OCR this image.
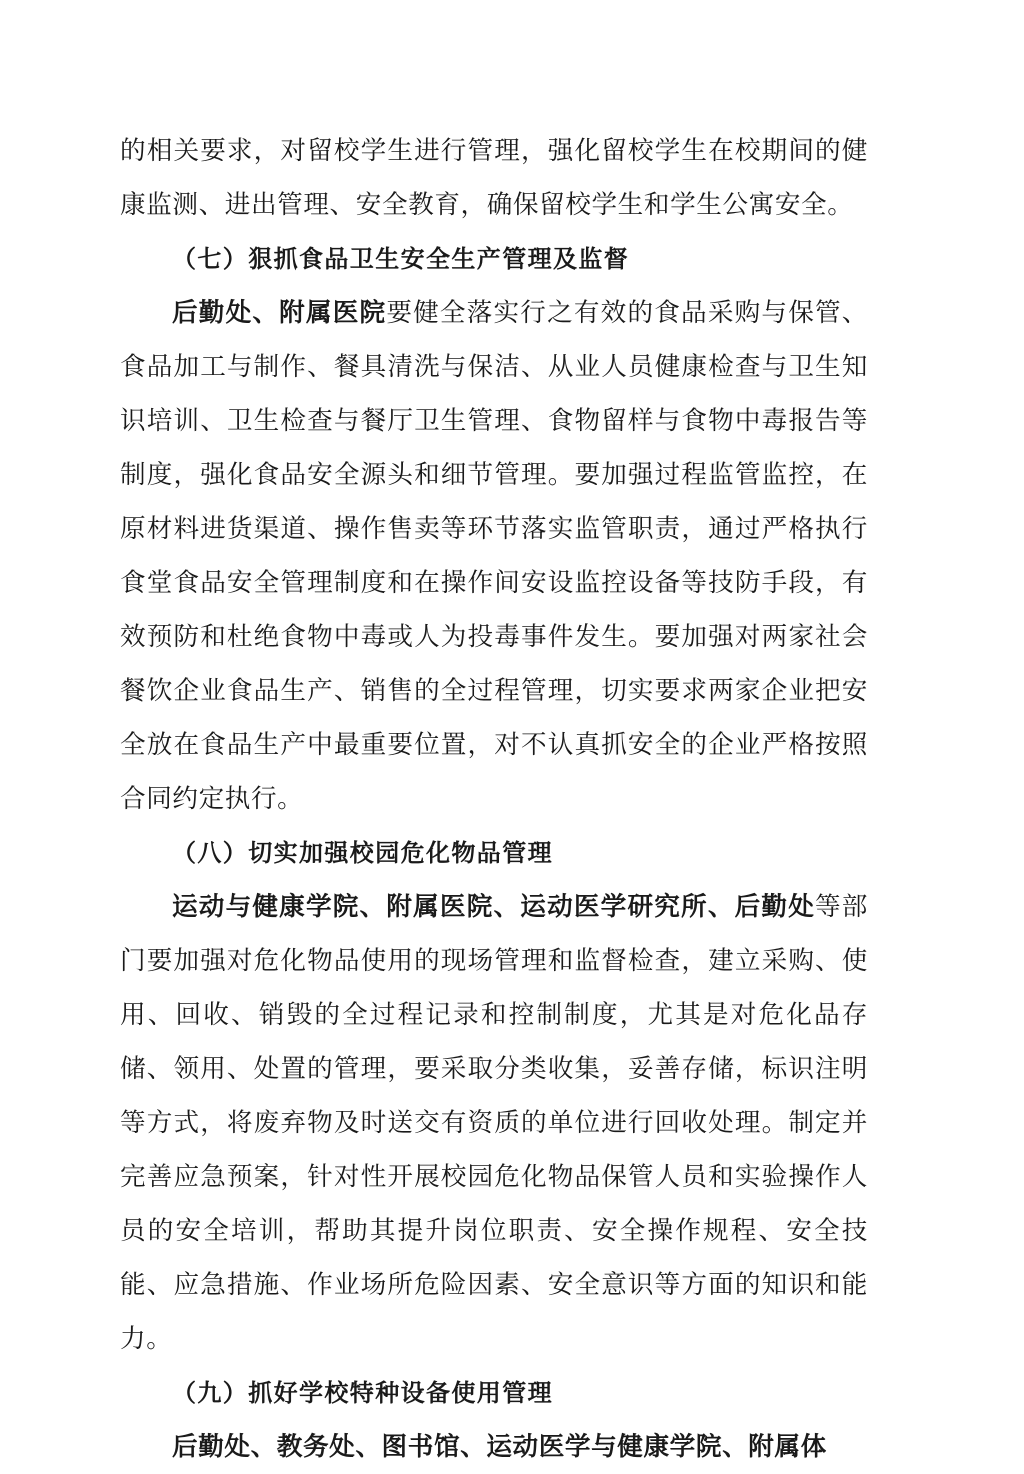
的相关要求，对留校学生进行管理，强化留校学生在校期间的健康监测、进出管理、安全教育，确保留校学生和学生公寓安全。

（七）狠抓食品卫生安全生产管理及监督

后勤处、附属医院要健全落实行之有效的食品采购与保管、食品加工与制作、餐具清洗与保洁、从业人员健康检查与卫生知识培训、卫生检查与餐厅卫生管理、食物留样与食物中毒报告等制度，强化食品安全源头和细节管理。要加强过程监管监控，在原材料进货渠道、操作售卖等环节落实监管职责，通过严格执行食堂食品安全管理制度和在操作间安设监控设备等技防手段，有效预防和杜绝食物中毒或人为投毒事件发生。要加强对两家社会餐饮企业食品生产、销售的全过程管理，切实要求两家企业把安全放在食品生产中最重要位置，对不认真抓安全的企业严格按照合同约定执行。

（八）切实加强校园危化物品管理

运动与健康学院、附属医院、运动医学研究所、后勤处等部门要加强对危化物品使用的现场管理和监督检查，建立采购、使用、回收、销毁的全过程记录和控制制度，尤其是对危化品存储、领用、处置的管理，要采取分类收集，妥善存储，标识注明等方式，将废弃物及时送交有资质的单位进行回收处理。制定并完善应急预案，针对性开展校园危化物品保管人员和实验操作人员的安全培训，帮助其提升岗位职责、安全操作规程、安全技能、应急措施、作业场所危险因素、安全意识等方面的知识和能力。

（九）抓好学校特种设备使用管理

后勤处、教务处、图书馆、运动医学与健康学院、附属体
